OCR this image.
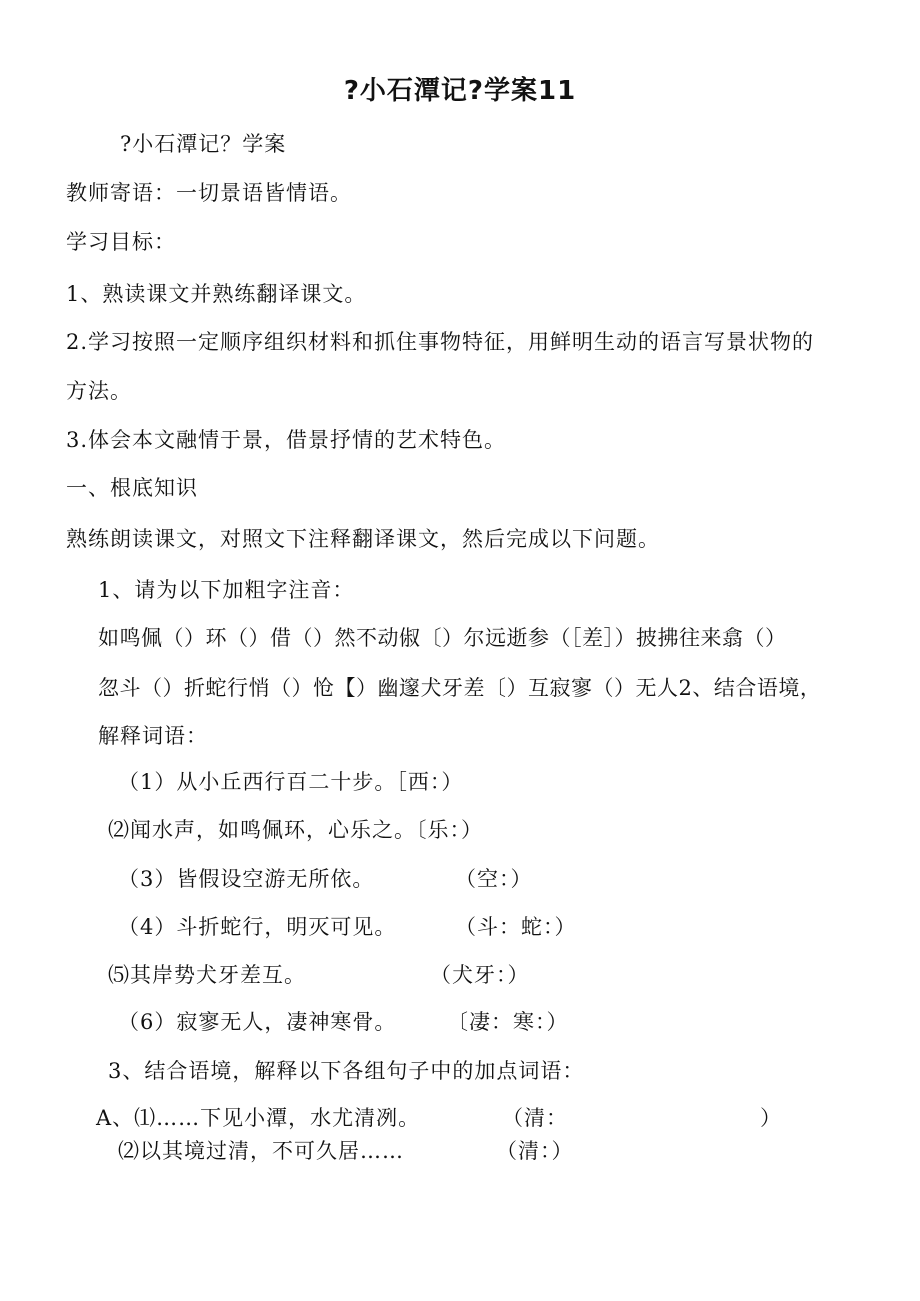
?小石潭记?学案11
?小石潭记？学案
教师寄语：一切景语皆情语。
学习目标：
1、熟读课文并熟练翻译课文。
2.学习按照一定顺序组织材料和抓住事物特征，用鲜明生动的语言写景状物的
方法。
3.体会本文融情于景，借景抒情的艺术特色。
一、根底知识
熟练朗读课文，对照文下注释翻译课文，然后完成以下问题。
1、请为以下加粗字注音：
如鸣佩（）环（）借（）然不动俶〔）尔远逝参（［差］）披拂往来翕（）
忽斗（）折蛇行悄（）怆【）幽邃犬牙差〔）互寂寥（）无人2、结合语境，
解释词语：
（1）从小丘西行百二十步。［西：）
⑵闻水声，如鸣佩环，心乐之。〔乐：）
（3）皆假设空游无所依。	（空：）
（4）斗折蛇行，明灭可见。	（斗：蛇：）
⑸其岸势犬牙差互。	（犬牙：）
（6）寂寥无人，凄神寒骨。 〔凄：寒：）
3、结合语境，解释以下各组句子中的加点词语：
A、⑴……下见小潭，水尤清冽。	（清：	）
⑵以其境过清，不可久居……	（清：）
